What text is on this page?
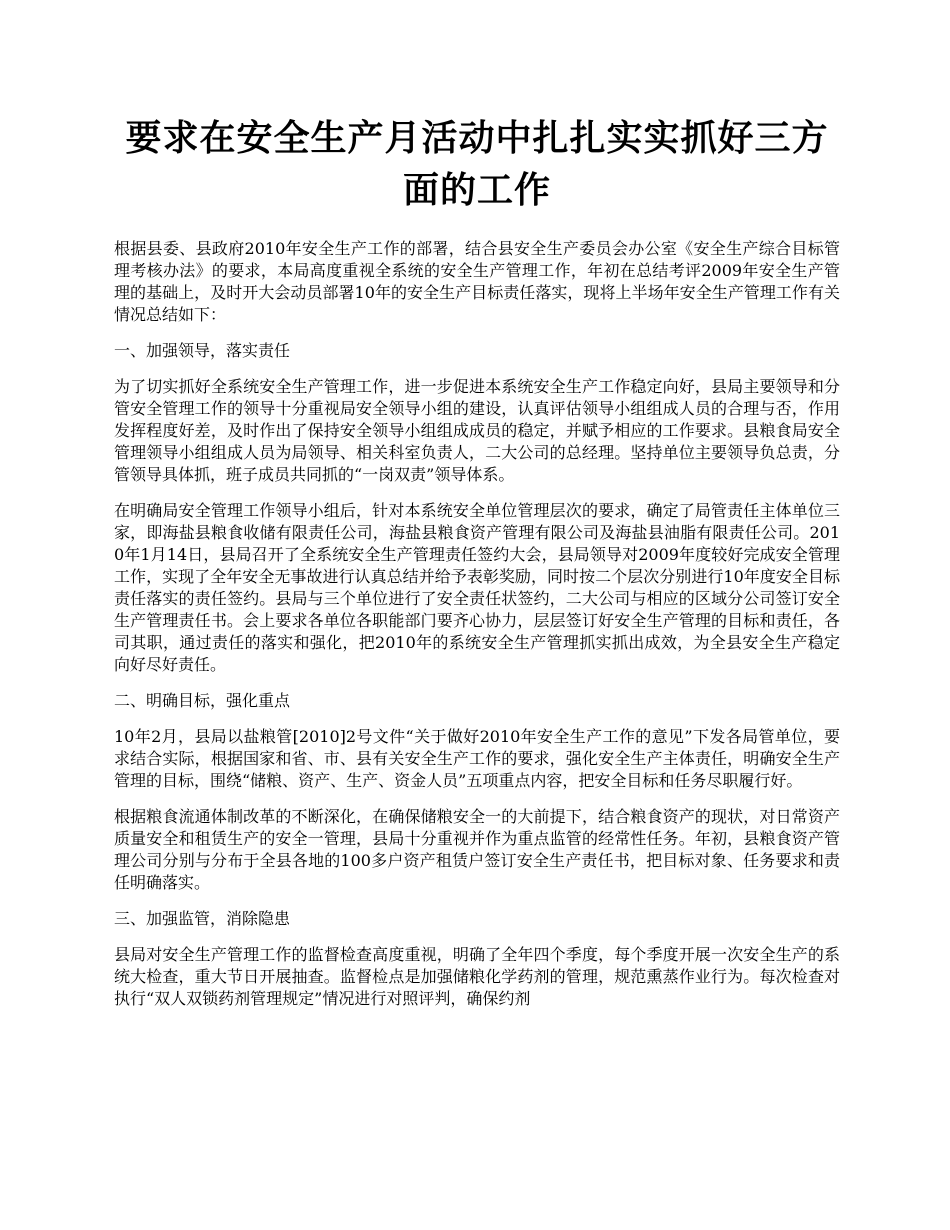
要求在安全生产月活动中扎扎实实抓好三方面的工作

根据县委、县政府2010年安全生产工作的部署，结合县安全生产委员会办公室《安全生产综合目标管理考核办法》的要求，本局高度重视全系统的安全生产管理工作，年初在总结考评2009年安全生产管理的基础上，及时开大会动员部署10年的安全生产目标责任落实，现将上半场年安全生产管理工作有关情况总结如下：

一、加强领导，落实责任

为了切实抓好全系统安全生产管理工作，进一步促进本系统安全生产工作稳定向好，县局主要领导和分管安全管理工作的领导十分重视局安全领导小组的建设，认真评估领导小组组成人员的合理与否，作用发挥程度好差，及时作出了保持安全领导小组组成成员的稳定，并赋予相应的工作要求。县粮食局安全管理领导小组组成人员为局领导、相关科室负责人，二大公司的总经理。坚持单位主要领导负总责，分管领导具体抓，班子成员共同抓的“一岗双责”领导体系。

在明确局安全管理工作领导小组后，针对本系统安全单位管理层次的要求，确定了局管责任主体单位三家，即海盐县粮食收储有限责任公司，海盐县粮食资产管理有限公司及海盐县油脂有限责任公司。2010年1月14日，县局召开了全系统安全生产管理责任签约大会，县局领导对2009年度较好完成安全管理工作，实现了全年安全无事故进行认真总结并给予表彰奖励，同时按二个层次分别进行10年度安全目标责任落实的责任签约。县局与三个单位进行了安全责任状签约，二大公司与相应的区域分公司签订安全生产管理责任书。会上要求各单位各职能部门要齐心协力，层层签订好安全生产管理的目标和责任，各司其职，通过责任的落实和强化，把2010年的系统安全生产管理抓实抓出成效，为全县安全生产稳定向好尽好责任。

二、明确目标，强化重点

10年2月，县局以盐粮管[2010]2号文件“关于做好2010年安全生产工作的意见”下发各局管单位，要求结合实际，根据国家和省、市、县有关安全生产工作的要求，强化安全生产主体责任，明确安全生产管理的目标，围绕“储粮、资产、生产、资金人员”五项重点内容，把安全目标和任务尽职履行好。

根据粮食流通体制改革的不断深化，在确保储粮安全一的大前提下，结合粮食资产的现状，对日常资产质量安全和租赁生产的安全一管理，县局十分重视并作为重点监管的经常性任务。年初，县粮食资产管理公司分别与分布于全县各地的100多户资产租赁户签订安全生产责任书，把目标对象、任务要求和责任明确落实。

三、加强监管，消除隐患

县局对安全生产管理工作的监督检查高度重视，明确了全年四个季度，每个季度开展一次安全生产的系统大检查，重大节日开展抽查。监督检点是加强储粮化学药剂的管理，规范熏蒸作业行为。每次检查对执行“双人双锁药剂管理规定”情况进行对照评判，确保约剂
